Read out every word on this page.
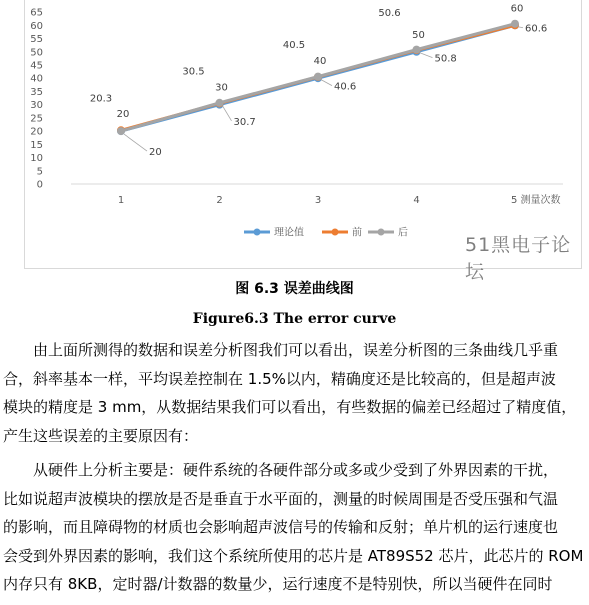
0
5
10
15
20
25
30
35
40
45
50
55
60
65
1	2	3	4	5 测量次数
20
30
40
50
60
20.3
30.5
40.5
50.6
20
30.7
40.6
50.8
60.6
理论值	前	后
51黑电子论坛
图 6.3 误差曲线图
Figure6.3 The error curve
　　由上面所测得的数据和误差分析图我们可以看出，误差分析图的三条曲线几乎重
合，斜率基本一样，平均误差控制在 1.5%以内，精确度还是比较高的，但是超声波
模块的精度是 3 mm，从数据结果我们可以看出，有些数据的偏差已经超过了精度值，
产生这些误差的主要原因有：
　　从硬件上分析主要是：硬件系统的各硬件部分或多或少受到了外界因素的干扰，
比如说超声波模块的摆放是否是垂直于水平面的，测量的时候周围是否受压强和气温
的影响，而且障碍物的材质也会影响超声波信号的传输和反射；单片机的运行速度也
会受到外界因素的影响，我们这个系统所使用的芯片是 AT89S52 芯片，此芯片的 ROM
内存只有 8KB，定时器/计数器的数量少，运行速度不是特别快，所以当硬件在同时
